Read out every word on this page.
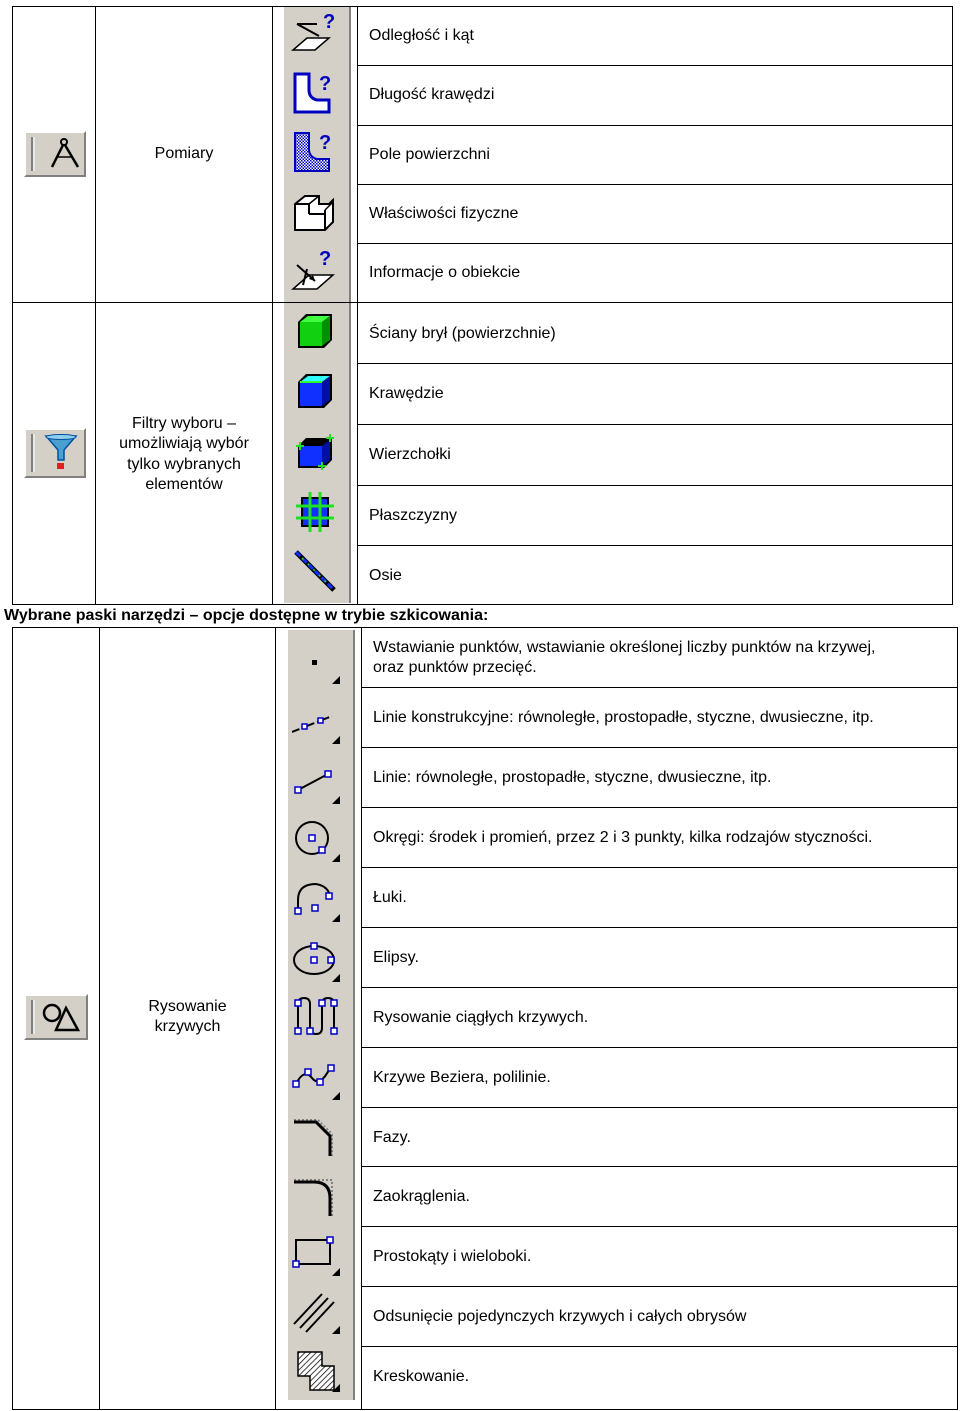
Pomiary
?
?
?
?
Odległość i kąt
Długość krawędzi
Pole powierzchni
Właściwości fizyczne
Informacje o obiekcie
Filtry wyboru –
umożliwiają wybór
tylko wybranych
elementów
Ściany brył (powierzchnie)
Krawędzie
Wierzchołki
Płaszczyzny
Osie
Wybrane paski narzędzi – opcje dostępne w trybie szkicowania:
Rysowanie
krzywych
Wstawianie punktów, wstawianie określonej liczby punktów na krzywej,
oraz punktów przecięć.
Linie konstrukcyjne: równoległe, prostopadłe, styczne, dwusieczne, itp.
Linie: równoległe, prostopadłe, styczne, dwusieczne, itp.
Okręgi: środek i promień, przez 2 i 3 punkty, kilka rodzajów styczności.
Łuki.
Elipsy.
Rysowanie ciągłych krzywych.
Krzywe Beziera, polilinie.
Fazy.
Zaokrąglenia.
Prostokąty i wieloboki.
Odsunięcie pojedynczych krzywych i całych obrysów
Kreskowanie.
